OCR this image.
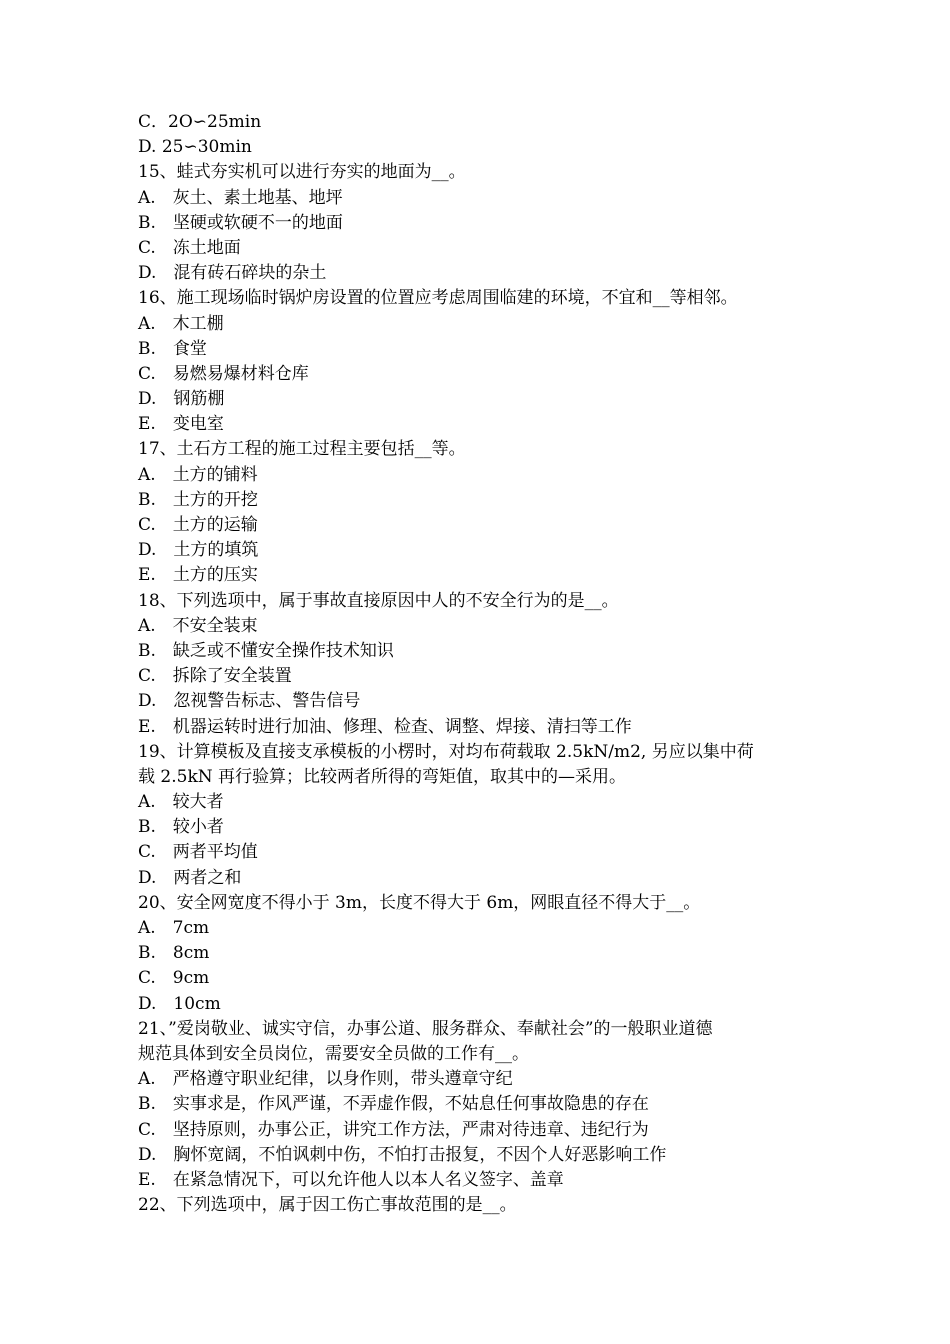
C．2O∽25min
D. 25∽30min
15、蛙式夯实机可以进行夯实的地面为__。
A.　灰土、素土地基、地坪
B.　坚硬或软硬不一的地面
C.　冻土地面
D.　混有砖石碎块的杂土
16、施工现场临时锅炉房设置的位置应考虑周围临建的环境，不宜和__等相邻。
A.　木工棚
B.　食堂
C.　易燃易爆材料仓库
D.　钢筋棚
E.　变电室
17、土石方工程的施工过程主要包括__等。
A.　土方的铺料
B.　土方的开挖
C.　土方的运输
D.　土方的填筑
E.　土方的压实
18、下列选项中，属于事故直接原因中人的不安全行为的是__。
A.　不安全装束
B.　缺乏或不懂安全操作技术知识
C.　拆除了安全装置
D.　忽视警告标志、警告信号
E.　机器运转时进行加油、修理、检查、调整、焊接、清扫等工作
19、计算模板及直接支承模板的小楞时，对均布荷载取 2.5kN/m2, 另应以集中荷
载 2.5kN 再行验算；比较两者所得的弯矩值，取其中的—采用。
A.　较大者
B.　较小者
C.　两者平均值
D.　两者之和
20、安全网宽度不得小于 3m，长度不得大于 6m，网眼直径不得大于__。
A.　7cm
B.　8cm
C.　9cm
D.　10cm
21、”爱岗敬业、诚实守信，办事公道、服务群众、奉献社会”的一般职业道德
规范具体到安全员岗位，需要安全员做的工作有__。
A.　严格遵守职业纪律，以身作则，带头遵章守纪
B.　实事求是，作风严谨，不弄虚作假，不姑息任何事故隐患的存在
C.　坚持原则，办事公正，讲究工作方法，严肃对待违章、违纪行为
D.　胸怀宽阔，不怕讽刺中伤，不怕打击报复，不因个人好恶影响工作
E.　在紧急情况下，可以允许他人以本人名义签字、盖章
22、下列选项中，属于因工伤亡事故范围的是__。
